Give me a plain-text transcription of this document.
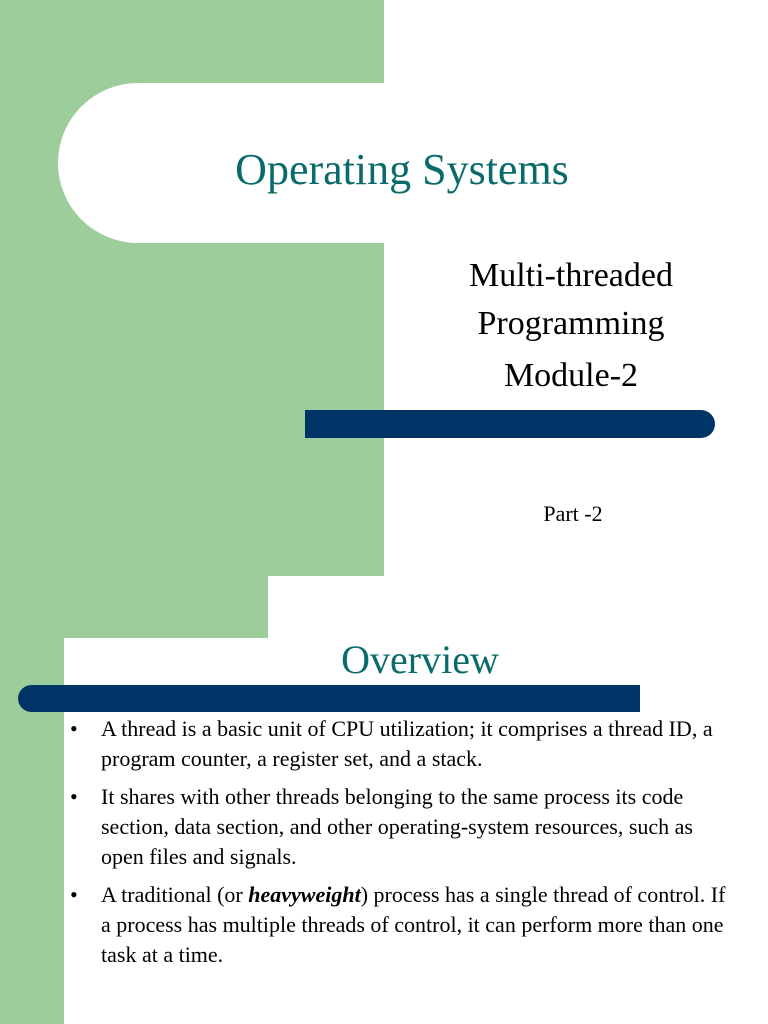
Operating Systems
Multi-threaded
Programming
Module-2
Part -2
Overview
• A thread is a basic unit of CPU utilization; it comprises a thread ID, a program counter, a register set, and a stack.
• It shares with other threads belonging to the same process its code section, data section, and other operating-system resources, such as open files and signals.
• A traditional (or heavyweight) process has a single thread of control. If a process has multiple threads of control, it can perform more than one task at a time.
